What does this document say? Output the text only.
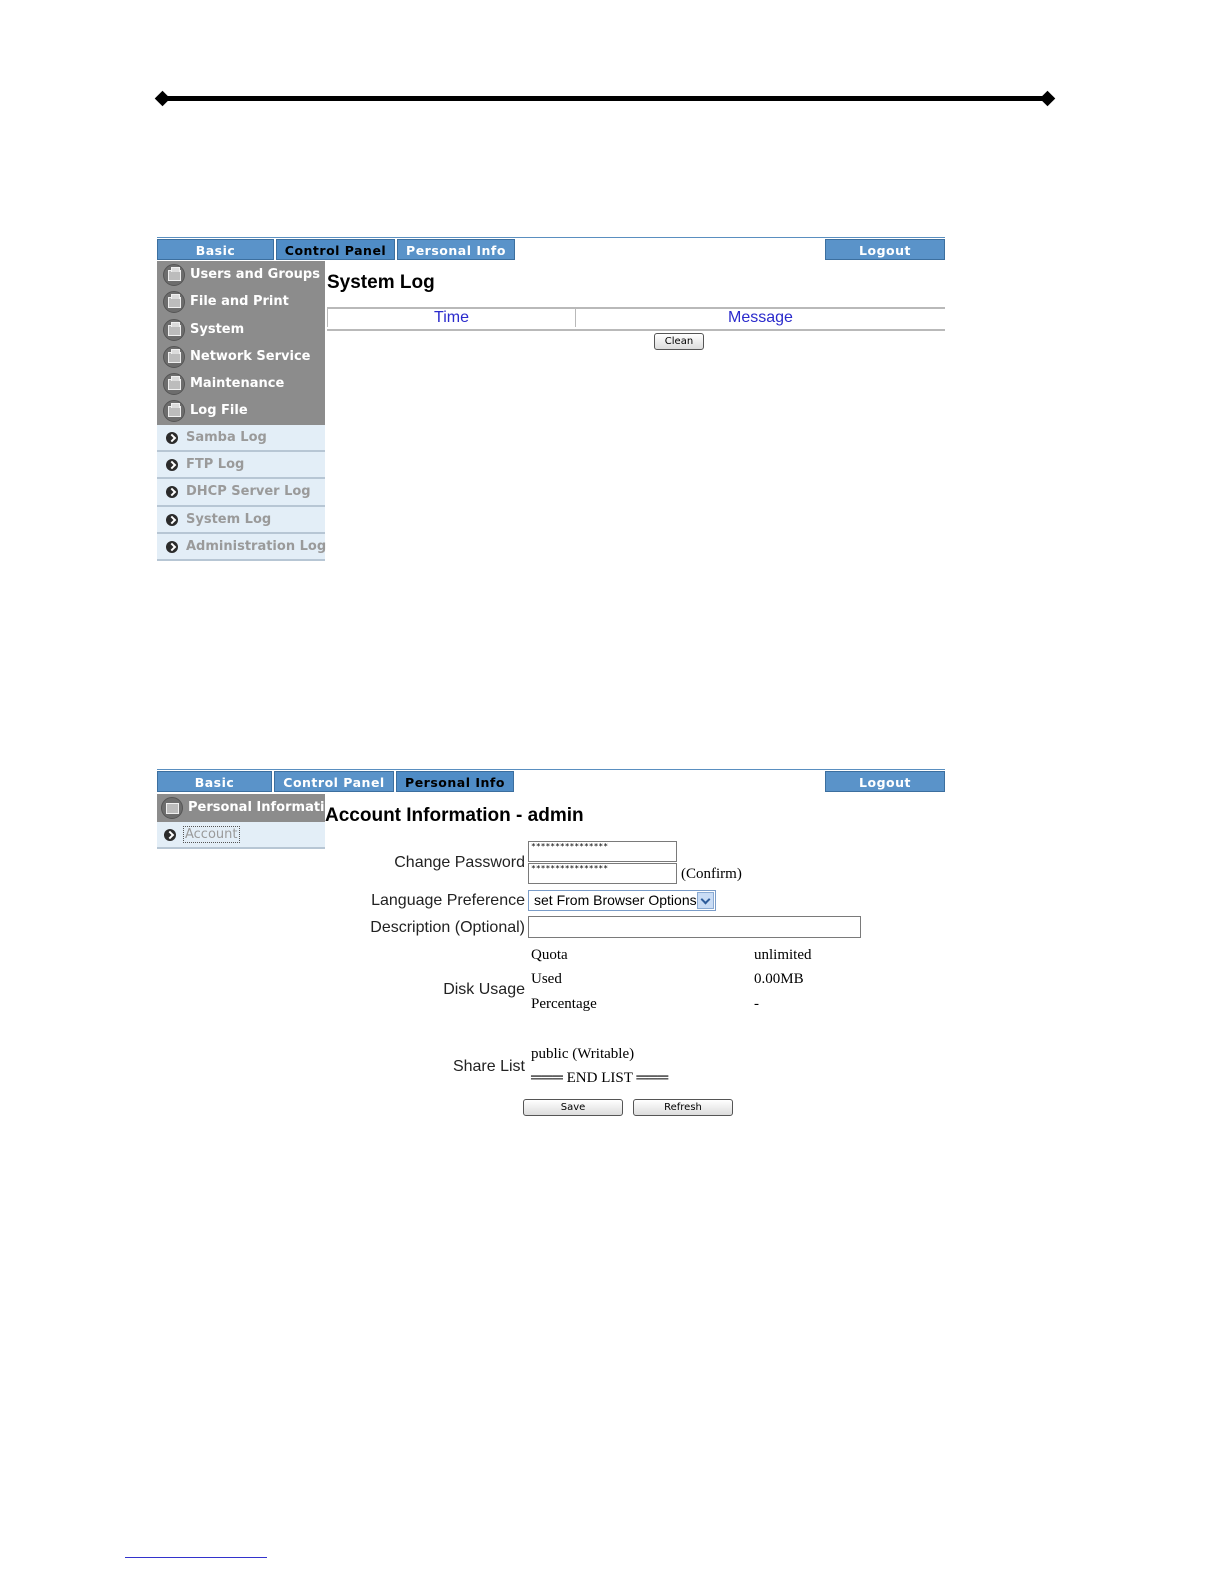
Basic	Control Panel	Personal Info	Logout
Users and Groups
File and Print
System
Network Service
Maintenance
Log File
Samba Log
FTP Log
DHCP Server Log
System Log
Administration Log
System Log
Time	Message
Clean
Basic	Control Panel	Personal Info	Logout
Personal Information
Account
Account Information - admin
Change Password
****************
****************	(Confirm)
Language Preference set From Browser Options
Description (Optional)
Disk Usage
Quota	unlimited
Used	0.00MB
Percentage	-
Share List
public (Writable)
═══ END LIST ═══
Save	Refresh
